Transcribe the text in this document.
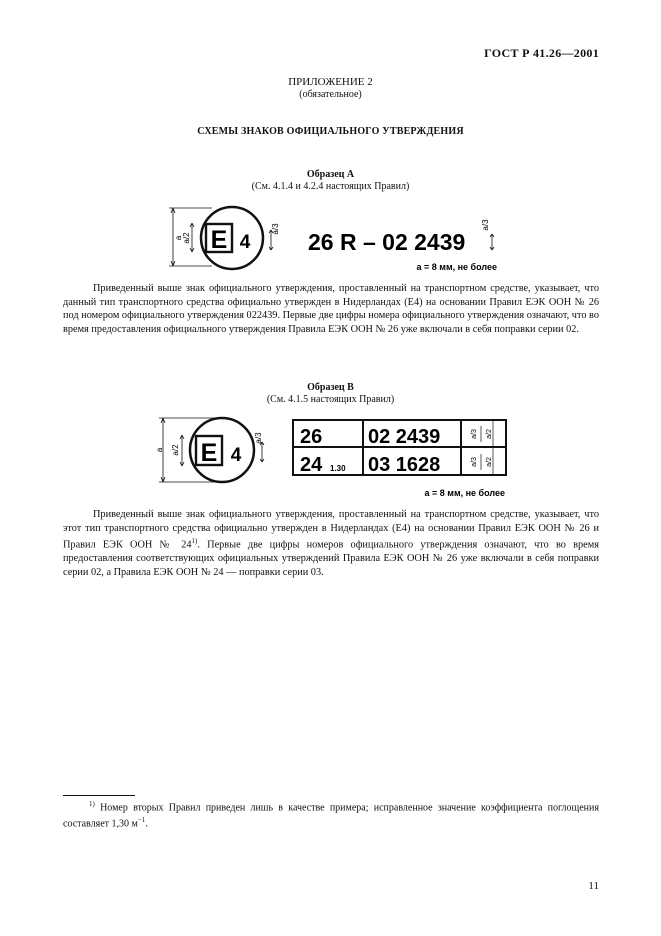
ГОСТ Р 41.26—2001
ПРИЛОЖЕНИЕ 2
(обязательное)
СХЕМЫ ЗНАКОВ ОФИЦИАЛЬНОГО УТВЕРЖДЕНИЯ
Образец A
(См. 4.1.4 и 4.2.4 настоящих Правил)
a a/2 E 4
a/3 26 R – 02 2439
a/3
a = 8 мм, не более

Приведенный выше знак официального утверждения, проставленный на транспортном средстве, указывает, что данный тип транспортного средства официально утвержден в Нидерландах (E4) на основании Правил ЕЭК ООН № 26 под номером официального утверждения 022439. Первые две цифры номера официального утверждения означают, что во время предоставления официального утверждения Правила ЕЭК ООН № 26 уже включали в себя поправки серии 02.

Образец B
(См. 4.1.5 настоящих Правил)
a a/2 E 4
a/3 26 02 2439
24 1.30 03 1628
a/3
a/3
a/2
a/2
a = 8 мм, не более

Приведенный выше знак официального утверждения, проставленный на транспортном средстве, указывает, что этот тип транспортного средства официально утвержден в Нидерландах (E4) на основании Правил ЕЭК ООН № 26 и Правил ЕЭК ООН № 24$^{1)}$. Первые две цифры номеров официального утверждения означают, что во время предоставления соответствующих официальных утверждений Правила ЕЭК ООН № 26 уже включали в себя поправки серии 02, а Правила ЕЭК ООН № 24 — поправки серии 03.

$^{1)}$ Номер вторых Правил приведен лишь в качестве примера; исправленное значение коэффициента поглощения составляет 1,30 $м^{-1}$.
11
